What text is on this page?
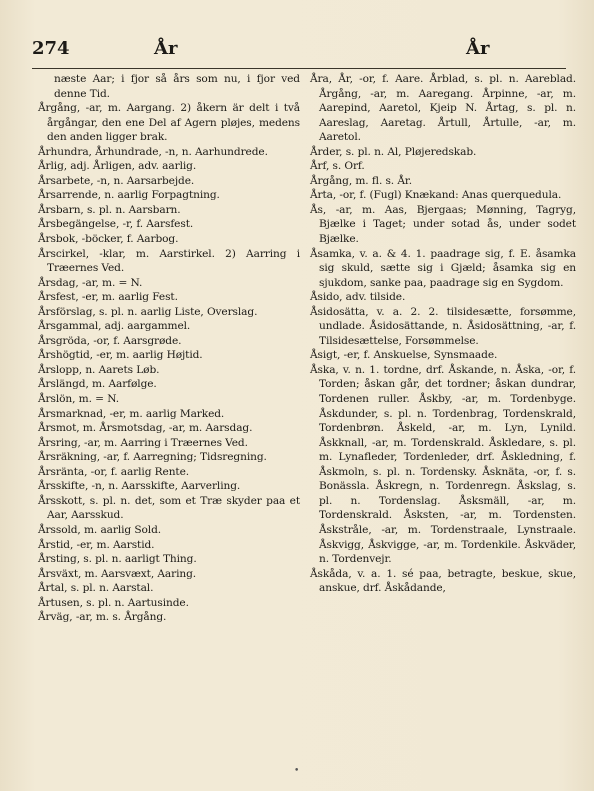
274	År	År

næste Aar; i fjor så års som nu, i fjor ved denne Tid.

Årgång, -ar, m. Aargang. 2) åkern är delt i två årgångar, den ene Del af Agern pløjes, medens den anden ligger brak.

Århundra, Århundrade, -n, n. Aarhundrede.

Årlig, adj. Årligen, adv. aarlig.

Årsarbete, -n, n. Aarsarbejde.

Årsarrende, n. aarlig Forpagtning.

Årsbarn, s. pl. n. Aarsbarn.

Årsbegängelse, -r, f. Aarsfest.

Årsbok, -böcker, f. Aarbog.

Årscirkel, -klar, m. Aarstirkel. 2) Aarring i Træernes Ved.

Årsdag, -ar, m. = N.

Årsfest, -er, m. aarlig Fest.

Årsförslag, s. pl. n. aarlig Liste, Overslag.

Årsgammal, adj. aargammel.

Årsgröda, -or, f. Aarsgrøde.

Årshögtid, -er, m. aarlig Højtid.

Årslopp, n. Aarets Løb.

Årslängd, m. Aarfølge.

Årslön, m. = N.

Årsmarknad, -er, m. aarlig Marked.

Årsmot, m. Årsmotsdag, -ar, m. Aarsdag.

Årsring, -ar, m. Aarring i Træernes Ved.

Årsräkning, -ar, f. Aarregning; Tidsregning.

Årsränta, -or, f. aarlig Rente.

Årsskifte, -n, n. Aarsskifte, Aarverling.

Årsskott, s. pl. n. det, som et Træ skyder paa et Aar, Aarsskud.

Årssold, m. aarlig Sold.

Årstid, -er, m. Aarstid.

Årsting, s. pl. n. aarligt Thing.

Årsväxt, m. Aarsvæxt, Aaring.

Årtal, s. pl. n. Aarstal.

Årtusen, s. pl. n. Aartusinde.

Årväg, -ar, m. s. Årgång.

Åra, År, -or, f. Aare. Årblad, s. pl. n. Aareblad. Årgång, -ar, m. Aaregang. Årpinne, -ar, m. Aarepind, Aaretol, Kjeip N. Årtag, s. pl. n. Aareslag, Aaretag. Årtull, Årtulle, -ar, m. Aaretol.

Årder, s. pl. n. Al, Pløjeredskab.

Årf, s. Orf.

Årgång, m. fl. s. År.

Årta, -or, f. (Fugl) Knækand: Anas querquedula.

Ås, -ar, m. Aas, Bjergaas; Mønning, Tagryg, Bjælke i Taget; under sotad ås, under sodet Bjælke.

Åsamka, v. a. & 4. 1. paadrage sig, f. E. åsamka sig skuld, sætte sig i Gjæld; åsamka sig en sjukdom, sanke paa, paadrage sig en Sygdom.

Åsido, adv. tilside.

Åsidosätta, v. a. 2. 2. tilsidesætte, forsømme, undlade. Åsidosättande, n. Åsidosättning, -ar, f. Tilsidesættelse, Forsømmelse.

Åsigt, -er, f. Anskuelse, Synsmaade.

Åska, v. n. 1. tordne, drf. Åskande, n. Åska, -or, f. Torden; åskan går, det tordner; åskan dundrar, Tordenen ruller. Åskby, -ar, m. Tordenbyge. Åskdunder, s. pl. n. Tordenbrag, Tordenskrald, Tordenbrøn. Åskeld, -ar, m. Lyn, Lynild. Åskknall, -ar, m. Tordenskrald. Åskledare, s. pl. m. Lynafleder, Tordenleder, drf. Åskledning, f. Åskmoln, s. pl. n. Tordensky. Åsknäta, -or, f. s. Bonässla. Åskregn, n. Tordenregn. Åskslag, s. pl. n. Tordenslag. Åsksmäll, -ar, m. Tordenskrald. Åsksten, -ar, m. Tordensten. Åskstråle, -ar, m. Tordenstraale, Lynstraale. Åskvigg, Åskvigge, -ar, m. Tordenkile. Åskväder, n. Tordenvejr.

Åskåda, v. a. 1. sé paa, betragte, beskue, skue, anskue, drf. Åskådande,

•
